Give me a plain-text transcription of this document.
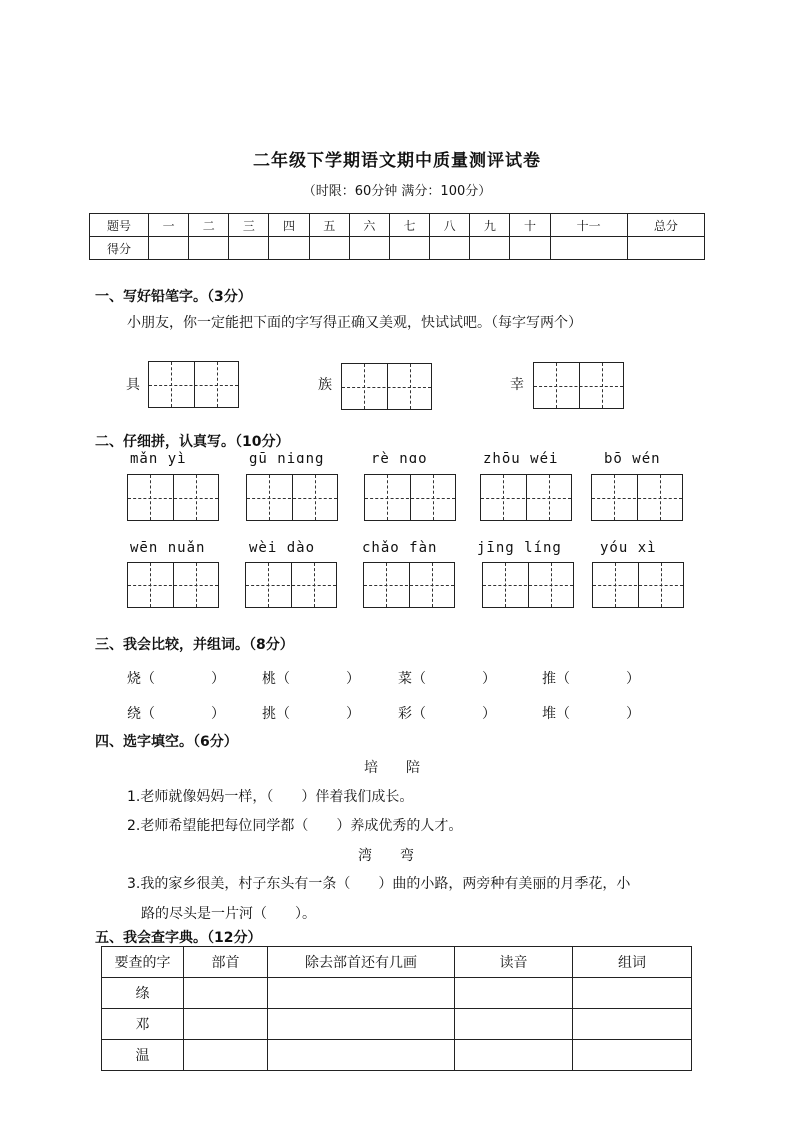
二年级下学期语文期中质量测评试卷
（时限：60分钟 满分：100分）
题号	一	二	三	四	五	六	七	八	九	十	十一	总分
得分												
一、写好铅笔字。（3分）
小朋友，你一定能把下面的字写得正确又美观，快试试吧。（每字写两个）
具	族	幸
二、仔细拼，认真写。（10分）
mǎn yì	gū niɑng	rè nɑo	zhōu wéi	bō wén
wēn nuǎn	wèi dào	chǎo fàn	jīng líng	yóu xì
三、我会比较，并组词。（8分）
烧（　　　　）	桃（　　　　）	菜（　　　　）	推（　　　　）
绕（　　　　）	挑（　　　　）	彩（　　　　）	堆（　　　　）
四、选字填空。（6分）
培　　陪
1.老师就像妈妈一样，（　　）伴着我们成长。
2.老师希望能把每位同学都（　　）养成优秀的人才。
湾　　弯
3.我的家乡很美，村子东头有一条（　　）曲的小路，两旁种有美丽的月季花，小
路的尽头是一片河（　　）。
五、我会查字典。（12分）
要查的字	部首	除去部首还有几画	读音	组词
绦				
邓				
温				
